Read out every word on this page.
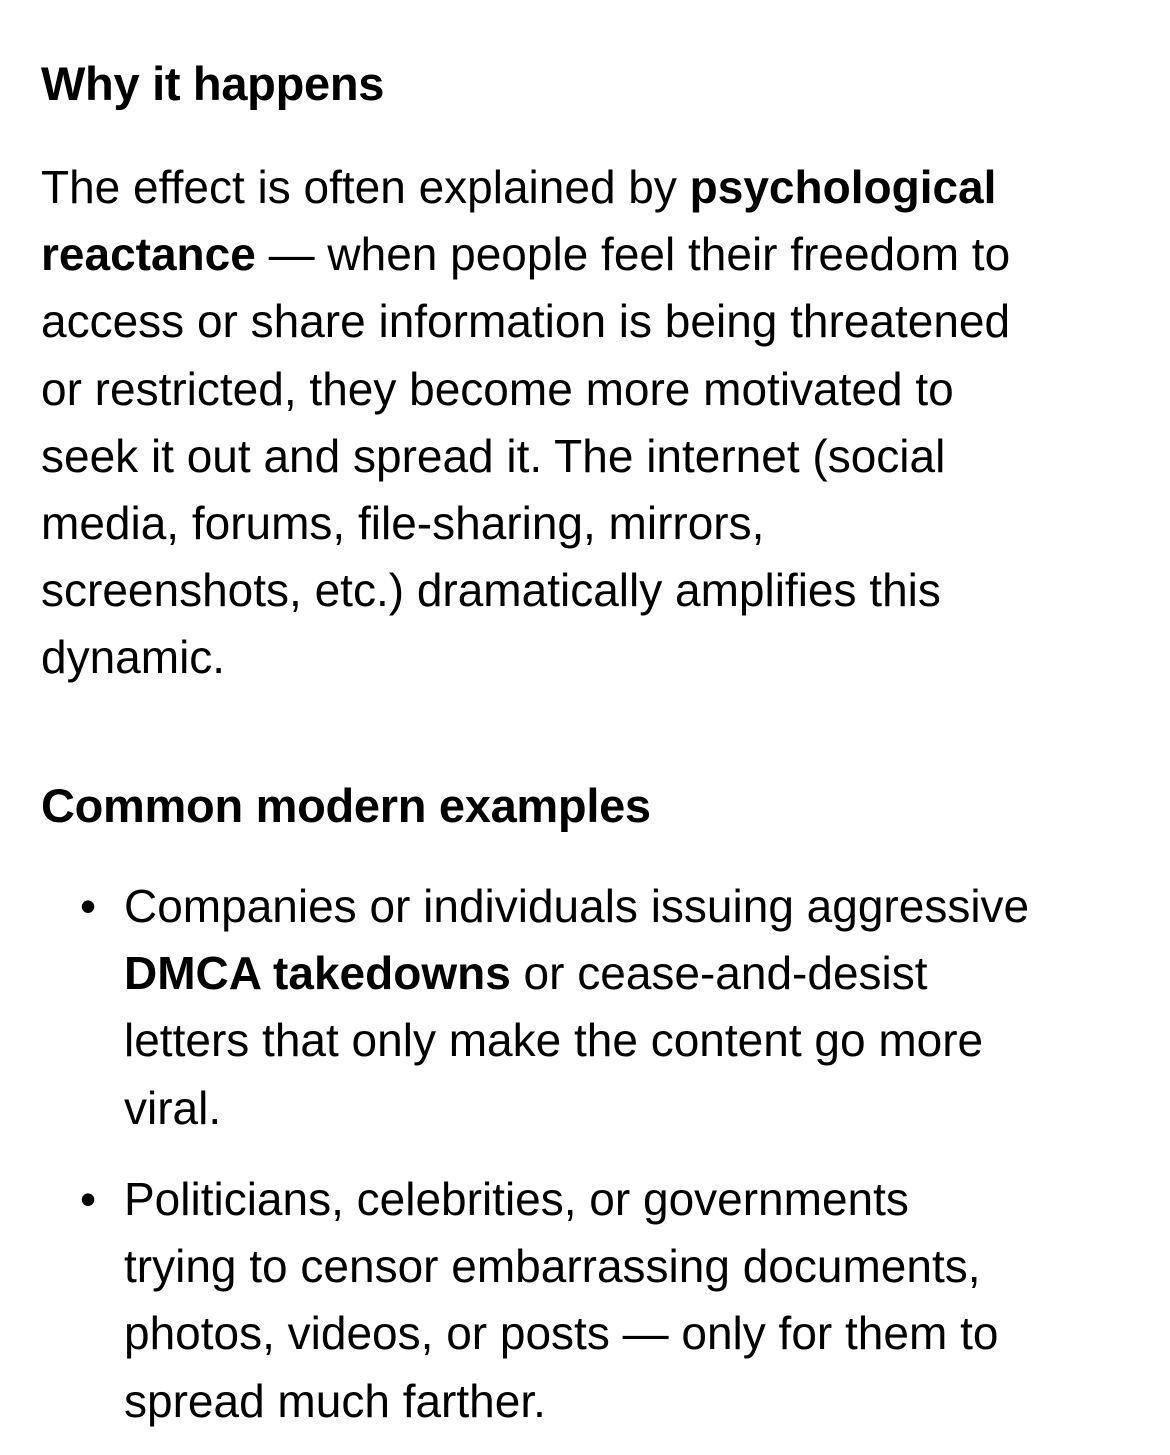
Why it happens

The effect is often explained by psychological
reactance — when people feel their freedom to
access or share information is being threatened
or restricted, they become more motivated to
seek it out and spread it. The internet (social
media, forums, file-sharing, mirrors,
screenshots, etc.) dramatically amplifies this
dynamic.

Common modern examples
• Companies or individuals issuing aggressive
DMCA takedowns or cease-and-desist
letters that only make the content go more
viral.
• Politicians, celebrities, or governments
trying to censor embarrassing documents,
photos, videos, or posts — only for them to
spread much farther.
